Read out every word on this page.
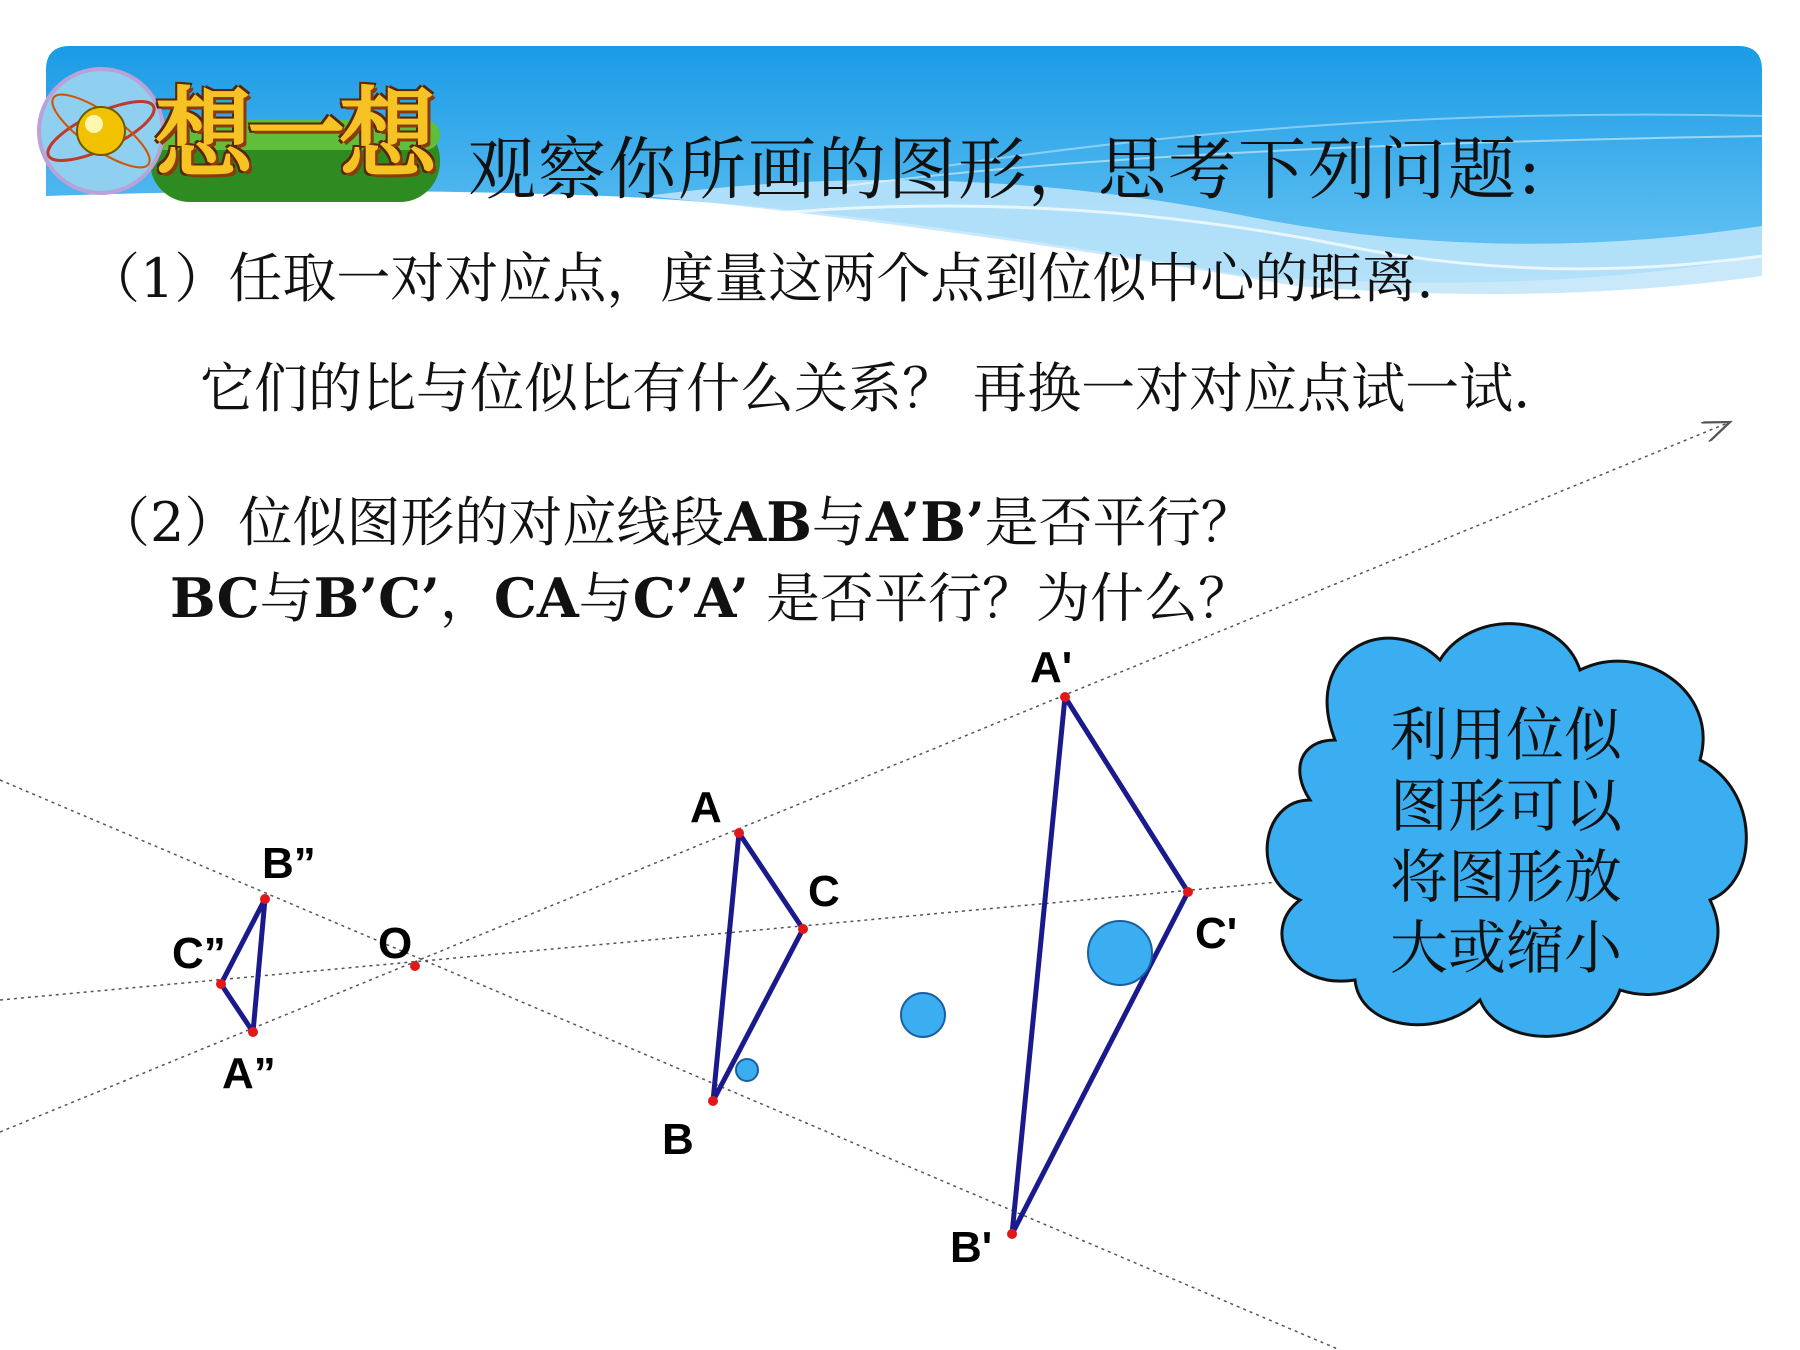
想一想 观察你所画的图形，思考下列问题:
（1）任取一对对应点，度量这两个点到位似中心的距离.
它们的比与位似比有什么关系？ 再换一对对应点试一试.
（2）位似图形的对应线段AB与A’B’是否平行？
BC与B’C’，CA与C’A’ 是否平行？为什么？
O
A
B
C
A'
B'
C'
A”
B”
C”
利用位似
图形可以
将图形放
大或缩小
